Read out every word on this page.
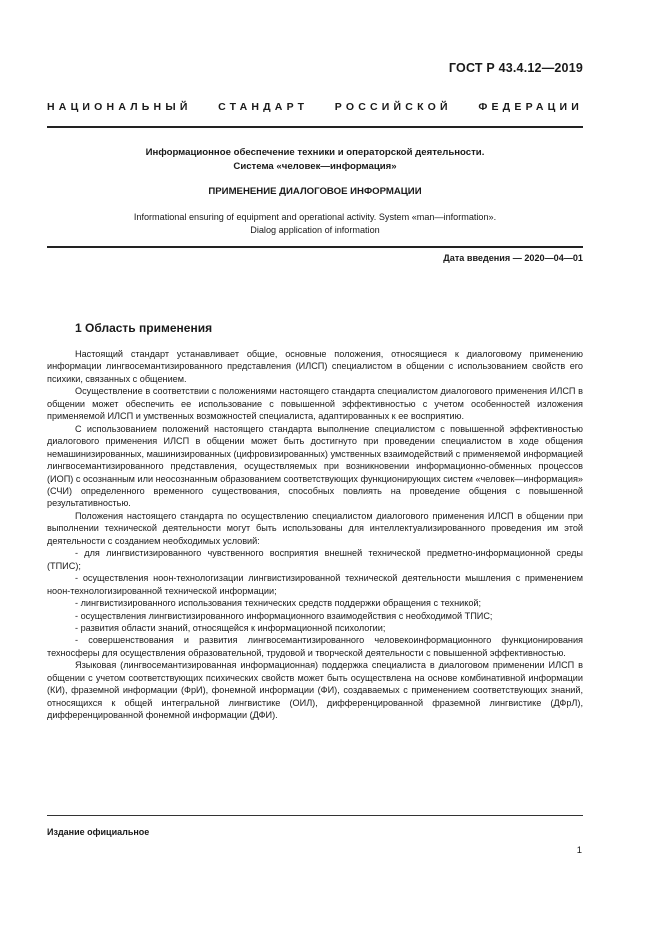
ГОСТ Р 43.4.12—2019
НАЦИОНАЛЬНЫЙ СТАНДАРТ РОССИЙСКОЙ ФЕДЕРАЦИИ
Информационное обеспечение техники и операторской деятельности.
Система «человек—информация»
ПРИМЕНЕНИЕ ДИАЛОГОВОЕ ИНФОРМАЦИИ
Informational ensuring of equipment and operational activity. System «man—information».
Dialog application of information
Дата введения — 2020—04—01
1 Область применения

Настоящий стандарт устанавливает общие, основные положения, относящиеся к диалоговому применению информации лингвосемантизированного представления (ИЛСП) специалистом в общении с использованием свойств его психики, связанных с общением.

Осуществление в соответствии с положениями настоящего стандарта специалистом диалогового применения ИЛСП в общении может обеспечить ее использование с повышенной эффективностью с учетом особенностей изложения применяемой ИЛСП и умственных возможностей специалиста, адаптированных к ее восприятию.

С использованием положений настоящего стандарта выполнение специалистом с повышенной эффективностью диалогового применения ИЛСП в общении может быть достигнуто при проведении специалистом в ходе общения немашинизированных, машинизированных (цифровизированных) умственных взаимодействий с применяемой информацией лингвосемантизированного представления, осуществляемых при возникновении информационно-обменных процессов (ИОП) с осознанным или неосознанным образованием соответствующих функционирующих систем «человек—информация» (СЧИ) определенного временного существования, способных повлиять на проведение общения с повышенной результативностью.

Положения настоящего стандарта по осуществлению специалистом диалогового применения ИЛСП в общении при выполнении технической деятельности могут быть использованы для интеллектуализированного проведения им этой деятельности с созданием необходимых условий:

- для лингвистизированного чувственного восприятия внешней технической предметно-информационной среды (ТПИС);

- осуществления ноон-технологизации лингвистизированной технической деятельности мышления с применением ноон-технологизированной технической информации;

- лингвистизированного использования технических средств поддержки обращения с техникой;

- осуществления лингвистизированного информационного взаимодействия с необходимой ТПИС;

- развития области знаний, относящейся к информационной психологии;

- совершенствования и развития лингвосемантизированного человекоинформационного функционирования техносферы для осуществления образовательной, трудовой и творческой деятельности с повышенной эффективностью.

Языковая (лингвосемантизированная информационная) поддержка специалиста в диалоговом применении ИЛСП в общении с учетом соответствующих психических свойств может быть осуществлена на основе комбинативной информации (КИ), фраземной информации (ФрИ), фонемной информации (ФИ), создаваемых с применением соответствующих знаний, относящихся к общей интегральной лингвистике (ОИЛ), дифференцированной фраземной лингвистике (ДФрЛ), дифференцированной фонемной информации (ДФИ).

Издание официальное
1
